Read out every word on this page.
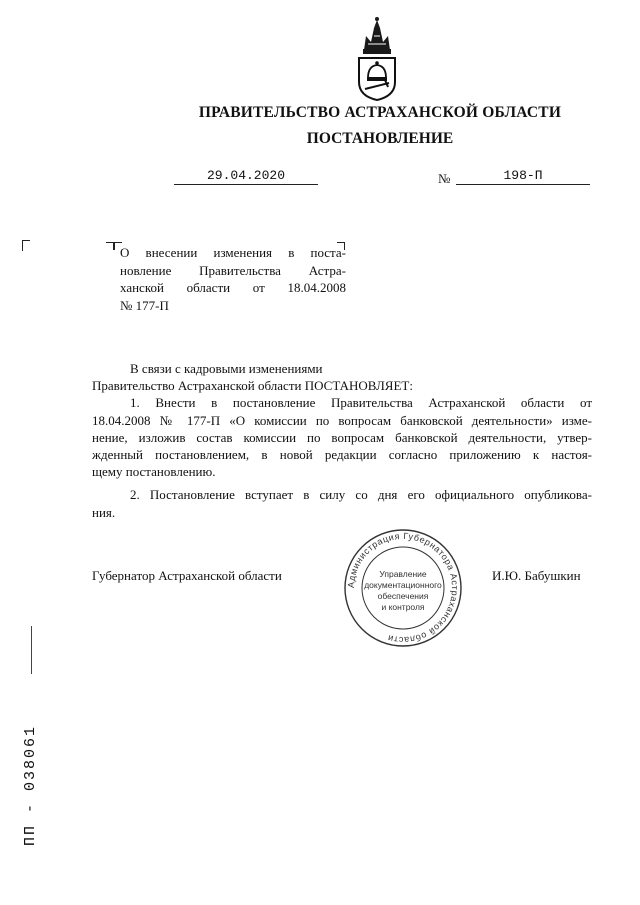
ПРАВИТЕЛЬСТВО АСТРАХАНСКОЙ ОБЛАСТИ
ПОСТАНОВЛЕНИЕ
29.04.2020	№	198-П
О внесении изменения в поста-
новление Правительства Астра-
ханской области от 18.04.2008
№ 177-П
В связи с кадровыми изменениями
Правительство Астраханской области ПОСТАНОВЛЯЕТ:
1. Внести в постановление Правительства Астраханской области от
18.04.2008 № 177-П «О комиссии по вопросам банковской деятельности» изме-
нение, изложив состав комиссии по вопросам банковской деятельности, утвер-
жденный постановлением, в новой редакции согласно приложению к настоя-
щему постановлению.
2. Постановление вступает в силу со дня его официального опубликова-
ния.
Губернатор Астраханской области	И.Ю. Бабушкин
Администрация Губернатора Астраханской области
Управление
документационного
обеспечения
и контроля
ПП - 038061
